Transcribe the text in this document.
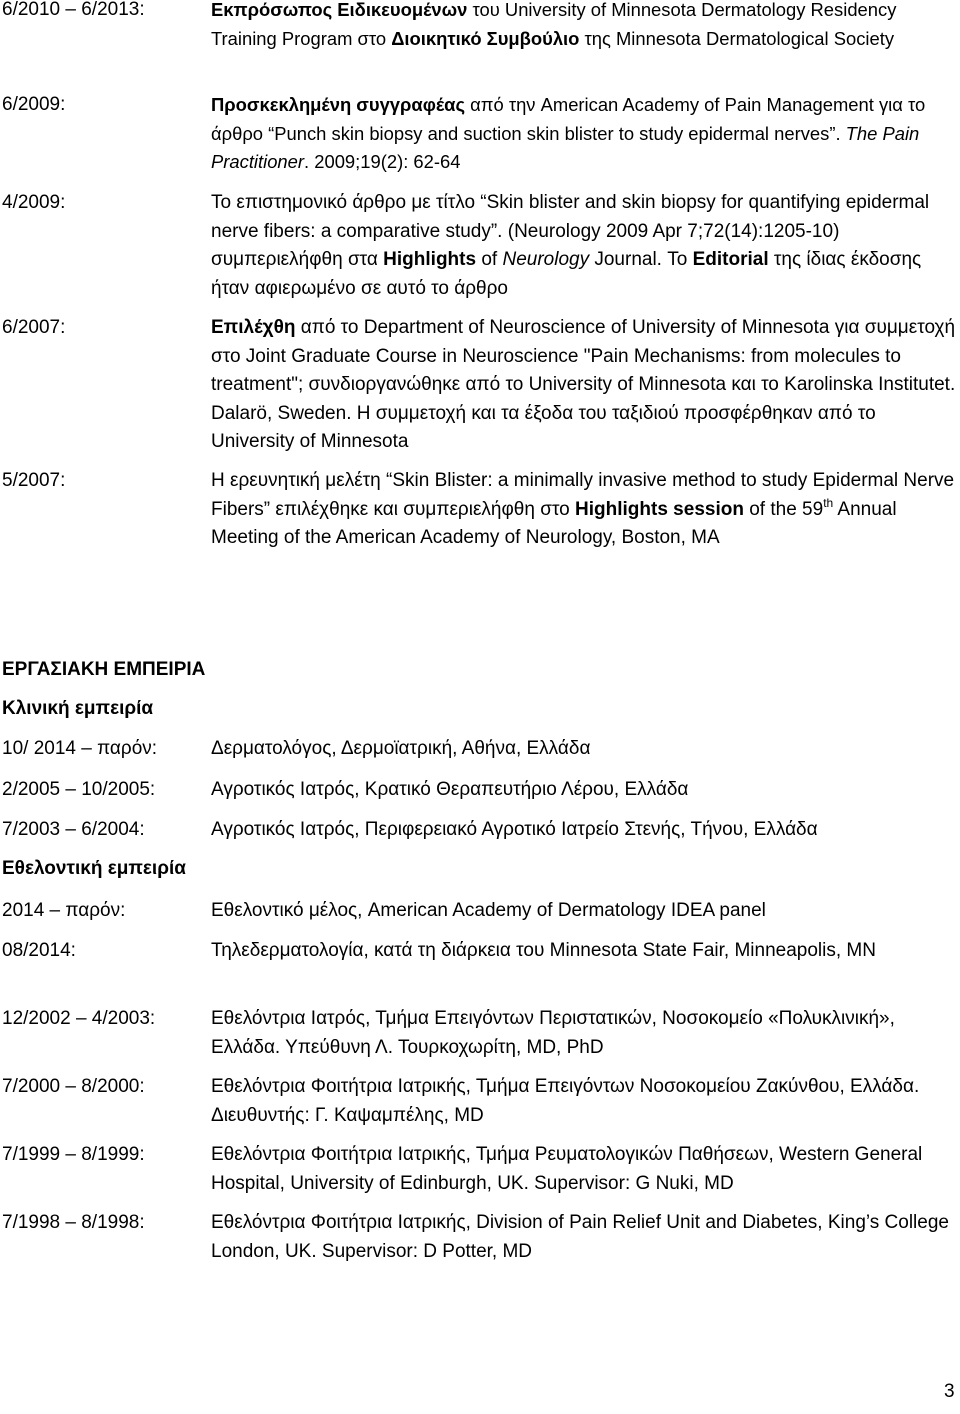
6/2010 – 6/2013:	Εκπρόσωπος Ειδικευομένων του University of Minnesota Dermatology Residency Training Program στο Διοικητικό Συμβούλιο της Minnesota Dermatological Society
6/2009:	Προσκεκλημένη συγγραφέας από την American Academy of Pain Management για το άρθρο “Punch skin biopsy and suction skin blister to study epidermal nerves”. The Pain Practitioner. 2009;19(2): 62-64
4/2009:	Το επιστημονικό άρθρο με τίτλο “Skin blister and skin biopsy for quantifying epidermal nerve fibers: a comparative study”. (Neurology 2009 Apr 7;72(14):1205-10) συμπεριελήφθη στα Highlights of Neurology Journal. Το Editorial της ίδιας έκδοσης ήταν αφιερωμένο σε αυτό το άρθρο
6/2007:	Επιλέχθη από το Department of Neuroscience of University of Minnesota για συμμετοχή στο Joint Graduate Course in Neuroscience "Pain Mechanisms: from molecules to treatment"; συνδιοργανώθηκε από το University of Minnesota και το Karolinska Institutet. Dalarö, Sweden. Η συμμετοχή και τα έξοδα του ταξιδιού προσφέρθηκαν από το University of Minnesota
5/2007:	Η ερευνητική μελέτη “Skin Blister: a minimally invasive method to study Epidermal Nerve Fibers” επιλέχθηκε και συμπεριελήφθη στο Highlights session of the 59th Annual Meeting of the American Academy of Neurology, Boston, MA
ΕΡΓΑΣΙΑΚΗ ΕΜΠΕΙΡΙΑ
Κλινική εμπειρία
10/ 2014 – παρόν:	Δερματολόγος, Δερμοϊατρική, Αθήνα, Ελλάδα
2/2005 – 10/2005:	Αγροτικός Ιατρός, Κρατικό Θεραπευτήριο Λέρου, Ελλάδα
7/2003 – 6/2004:	Αγροτικός Ιατρός, Περιφερειακό Αγροτικό Ιατρείο Στενής, Τήνου, Ελλάδα
Εθελοντική εμπειρία
2014 – παρόν:	Εθελοντικό μέλος, American Academy of Dermatology IDEA panel
08/2014:	Τηλεδερματολογία, κατά τη διάρκεια του Minnesota State Fair, Minneapolis, MN
12/2002 – 4/2003:	Εθελόντρια Ιατρός, Τμήμα Επειγόντων Περιστατικών, Νοσοκομείο «Πολυκλινική», Ελλάδα. Υπεύθυνη Λ. Τουρκοχωρίτη, MD, PhD
7/2000 – 8/2000:	Εθελόντρια Φοιτήτρια Ιατρικής, Τμήμα Επειγόντων Νοσοκομείου Ζακύνθου, Ελλάδα. Διευθυντής: Γ. Καψαμπέλης, MD
7/1999 – 8/1999:	Εθελόντρια Φοιτήτρια Ιατρικής, Τμήμα Ρευματολογικών Παθήσεων, Western General Hospital, University of Edinburgh, UK. Supervisor: G Nuki, MD
7/1998 – 8/1998:	Εθελόντρια Φοιτήτρια Ιατρικής, Division of Pain Relief Unit and Diabetes, King’s College London, UK. Supervisor: D Potter, MD
3
